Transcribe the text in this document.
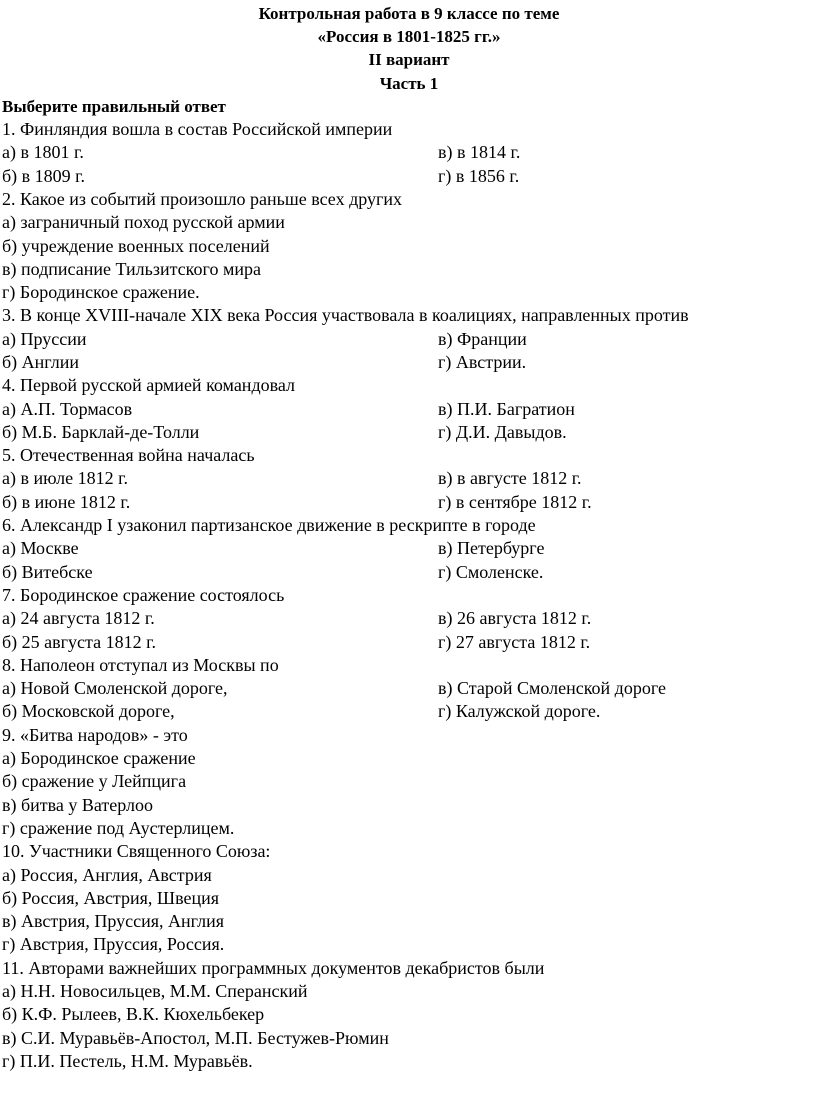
Контрольная работа в 9 классе по теме
«Россия в 1801-1825 гг.»
II вариант
Часть 1
Выберите правильный ответ
1. Финляндия вошла в состав Российской империи
а) в 1801 г.	в) в 1814 г.
б) в 1809 г.	г) в 1856 г.
2. Какое из событий произошло раньше всех других
а) заграничный поход русской армии
б) учреждение военных поселений
в) подписание Тильзитского мира
г) Бородинское сражение.
3. В конце XVIII-начале XIX века Россия участвовала в коалициях, направленных против
а) Пруссии	в) Франции
б) Англии	г) Австрии.
4. Первой русской армией командовал
а) А.П. Тормасов	в) П.И. Багратион
б) М.Б. Барклай-де-Толли	г) Д.И. Давыдов.
5. Отечественная война началась
а) в июле 1812 г.	в) в августе 1812 г.
б) в июне 1812 г.	г) в сентябре 1812 г.
6. Александр I узаконил партизанское движение в рескрипте в городе
а) Москве	в) Петербурге
б) Витебске	г) Смоленске.
7. Бородинское сражение состоялось
а) 24 августа 1812 г.	в) 26 августа 1812 г.
б) 25 августа 1812 г.	г) 27 августа 1812 г.
8. Наполеон отступал из Москвы по
а) Новой Смоленской дороге,	в) Старой Смоленской дороге
б) Московской дороге,	г) Калужской дороге.
9. «Битва народов» - это
а) Бородинское сражение
б) сражение у Лейпцига
в) битва у Ватерлоо
г) сражение под Аустерлицем.
10. Участники Священного Союза:
а) Россия, Англия, Австрия
б) Россия, Австрия, Швеция
в) Австрия, Пруссия, Англия
г) Австрия, Пруссия, Россия.
11. Авторами важнейших программных документов декабристов были
а) Н.Н. Новосильцев, М.М. Сперанский
б) К.Ф. Рылеев, В.К. Кюхельбекер
в) С.И. Муравьёв-Апостол, М.П. Бестужев-Рюмин
г) П.И. Пестель, Н.М. Муравьёв.
